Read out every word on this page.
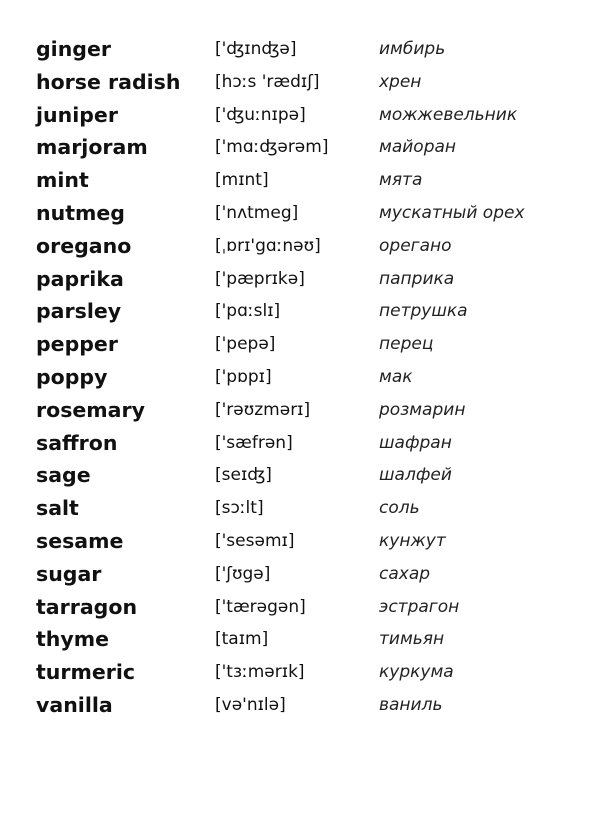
ginger	['ʤɪnʤə]	имбирь
horse radish [hɔːs 'rædɪʃ]	хрен
juniper	['ʤuːnɪpə]	можжевельник
marjoram	['mɑːʤərəm]	майоран
mint	[mɪnt]	мята
nutmeg	['nʌtmeg]	мускатный орех
oregano	[ˌɒrɪ'gɑːnəʊ]	орегано
paprika	['pæprɪkə]	паприка
parsley	['pɑːslɪ]	петрушка
pepper	['pepə]	перец
poppy	['pɒpɪ]	мак
rosemary	['rəʊzmərɪ]	розмарин
saffron	['sæfrən]	шафран
sage	[seɪʤ]	шалфей
salt	[sɔːlt]	соль
sesame	['sesəmɪ]	кунжут
sugar	['ʃʊgə]	сахар
tarragon	['tærəgən]	эстрагон
thyme	[taɪm]	тимьян
turmeric	['tɜːmərɪk]	куркума
vanilla	[və'nɪlə]	ваниль
